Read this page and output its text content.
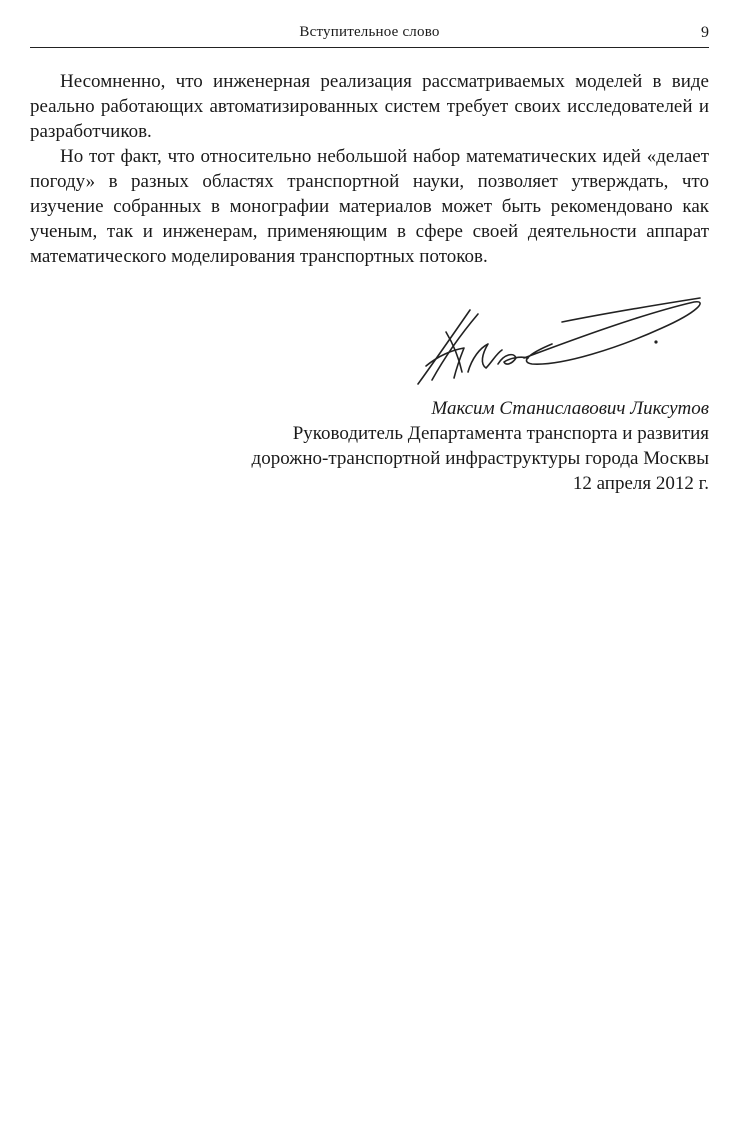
Вступительное слово	9

Несомненно, что инженерная реализация рассматриваемых моделей в виде реально работающих автоматизированных систем требует своих исследователей и разработчиков.

Но тот факт, что относительно небольшой набор математических идей «делает погоду» в разных областях транспортной науки, позволяет утверждать, что изучение собранных в монографии материалов может быть рекомендовано как ученым, так и инженерам, применяющим в сфере своей деятельности аппарат математического моделирования транспортных потоков.

Максим Станиславович Ликсутов
Руководитель Департамента транспорта и развития
дорожно-транспортной инфраструктуры города Москвы
12 апреля 2012 г.
